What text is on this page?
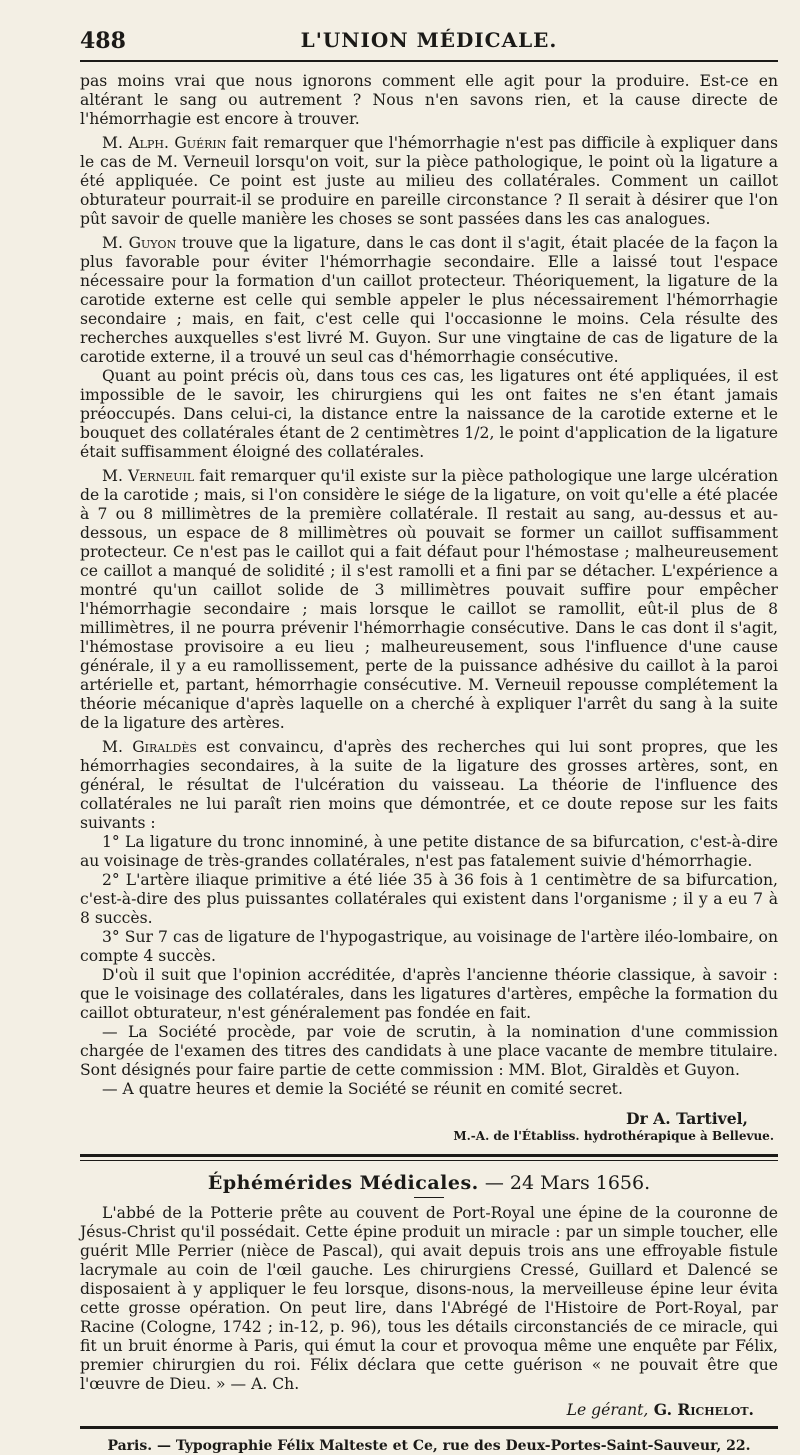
488	L'UNION MÉDICALE.

pas moins vrai que nous ignorons comment elle agit pour la produire. Est-ce en altérant le sang ou autrement ? Nous n'en savons rien, et la cause directe de l'hémorrhagie est encore à trouver.

M. Alph. Guérin fait remarquer que l'hémorrhagie n'est pas difficile à expliquer dans le cas de M. Verneuil lorsqu'on voit, sur la pièce pathologique, le point où la ligature a été appliquée. Ce point est juste au milieu des collatérales. Comment un caillot obturateur pourrait-il se produire en pareille circonstance ? Il serait à désirer que l'on pût savoir de quelle manière les choses se sont passées dans les cas analogues.

M. Guyon trouve que la ligature, dans le cas dont il s'agit, était placée de la façon la plus favorable pour éviter l'hémorrhagie secondaire. Elle a laissé tout l'espace nécessaire pour la formation d'un caillot protecteur. Théoriquement, la ligature de la carotide externe est celle qui semble appeler le plus nécessairement l'hémorrhagie secondaire ; mais, en fait, c'est celle qui l'occasionne le moins. Cela résulte des recherches auxquelles s'est livré M. Guyon. Sur une vingtaine de cas de ligature de la carotide externe, il a trouvé un seul cas d'hémorrhagie consécutive.

Quant au point précis où, dans tous ces cas, les ligatures ont été appliquées, il est impossible de le savoir, les chirurgiens qui les ont faites ne s'en étant jamais préoccupés. Dans celui-ci, la distance entre la naissance de la carotide externe et le bouquet des collatérales étant de 2 centimètres 1/2, le point d'application de la ligature était suffisamment éloigné des collatérales.

M. Verneuil fait remarquer qu'il existe sur la pièce pathologique une large ulcération de la carotide ; mais, si l'on considère le siége de la ligature, on voit qu'elle a été placée à 7 ou 8 millimètres de la première collatérale. Il restait au sang, au-dessus et au-dessous, un espace de 8 millimètres où pouvait se former un caillot suffisamment protecteur. Ce n'est pas le caillot qui a fait défaut pour l'hémostase ; malheureusement ce caillot a manqué de solidité ; il s'est ramolli et a fini par se détacher. L'expérience a montré qu'un caillot solide de 3 millimètres pouvait suffire pour empêcher l'hémorrhagie secondaire ; mais lorsque le caillot se ramollit, eût-il plus de 8 millimètres, il ne pourra prévenir l'hémorrhagie consécutive. Dans le cas dont il s'agit, l'hémostase provisoire a eu lieu ; malheureusement, sous l'influence d'une cause générale, il y a eu ramollissement, perte de la puissance adhésive du caillot à la paroi artérielle et, partant, hémorrhagie consécutive. M. Verneuil repousse complétement la théorie mécanique d'après laquelle on a cherché à expliquer l'arrêt du sang à la suite de la ligature des artères.

M. Giraldès est convaincu, d'après des recherches qui lui sont propres, que les hémorrhagies secondaires, à la suite de la ligature des grosses artères, sont, en général, le résultat de l'ulcération du vaisseau. La théorie de l'influence des collatérales ne lui paraît rien moins que démontrée, et ce doute repose sur les faits suivants :

1° La ligature du tronc innominé, à une petite distance de sa bifurcation, c'est-à-dire au voisinage de très-grandes collatérales, n'est pas fatalement suivie d'hémorrhagie.

2° L'artère iliaque primitive a été liée 35 à 36 fois à 1 centimètre de sa bifurcation, c'est-à-dire des plus puissantes collatérales qui existent dans l'organisme ; il y a eu 7 à 8 succès.

3° Sur 7 cas de ligature de l'hypogastrique, au voisinage de l'artère iléo-lombaire, on compte 4 succès.

D'où il suit que l'opinion accréditée, d'après l'ancienne théorie classique, à savoir : que le voisinage des collatérales, dans les ligatures d'artères, empêche la formation du caillot obturateur, n'est généralement pas fondée en fait.

— La Société procède, par voie de scrutin, à la nomination d'une commission chargée de l'examen des titres des candidats à une place vacante de membre titulaire. Sont désignés pour faire partie de cette commission : MM. Blot, Giraldès et Guyon.

— A quatre heures et demie la Société se réunit en comité secret.

Dr A. Tartivel,
M.-A. de l'Établiss. hydrothérapique à Bellevue.
Éphémérides Médicales. — 24 Mars 1656.

L'abbé de la Potterie prête au couvent de Port-Royal une épine de la couronne de Jésus-Christ qu'il possédait. Cette épine produit un miracle : par un simple toucher, elle guérit Mlle Perrier (nièce de Pascal), qui avait depuis trois ans une effroyable fistule lacrymale au coin de l'œil gauche. Les chirurgiens Cressé, Guillard et Dalencé se disposaient à y appliquer le feu lorsque, disons-nous, la merveilleuse épine leur évita cette grosse opération. On peut lire, dans l'Abrégé de l'Histoire de Port-Royal, par Racine (Cologne, 1742 ; in-12, p. 96), tous les détails circonstanciés de ce miracle, qui fit un bruit énorme à Paris, qui émut la cour et provoqua même une enquête par Félix, premier chirurgien du roi. Félix déclara que cette guérison « ne pouvait être que l'œuvre de Dieu. » — A. Ch.

Le gérant, G. Richelot.
Paris. — Typographie Félix Malteste et Ce, rue des Deux-Portes-Saint-Sauveur, 22.
